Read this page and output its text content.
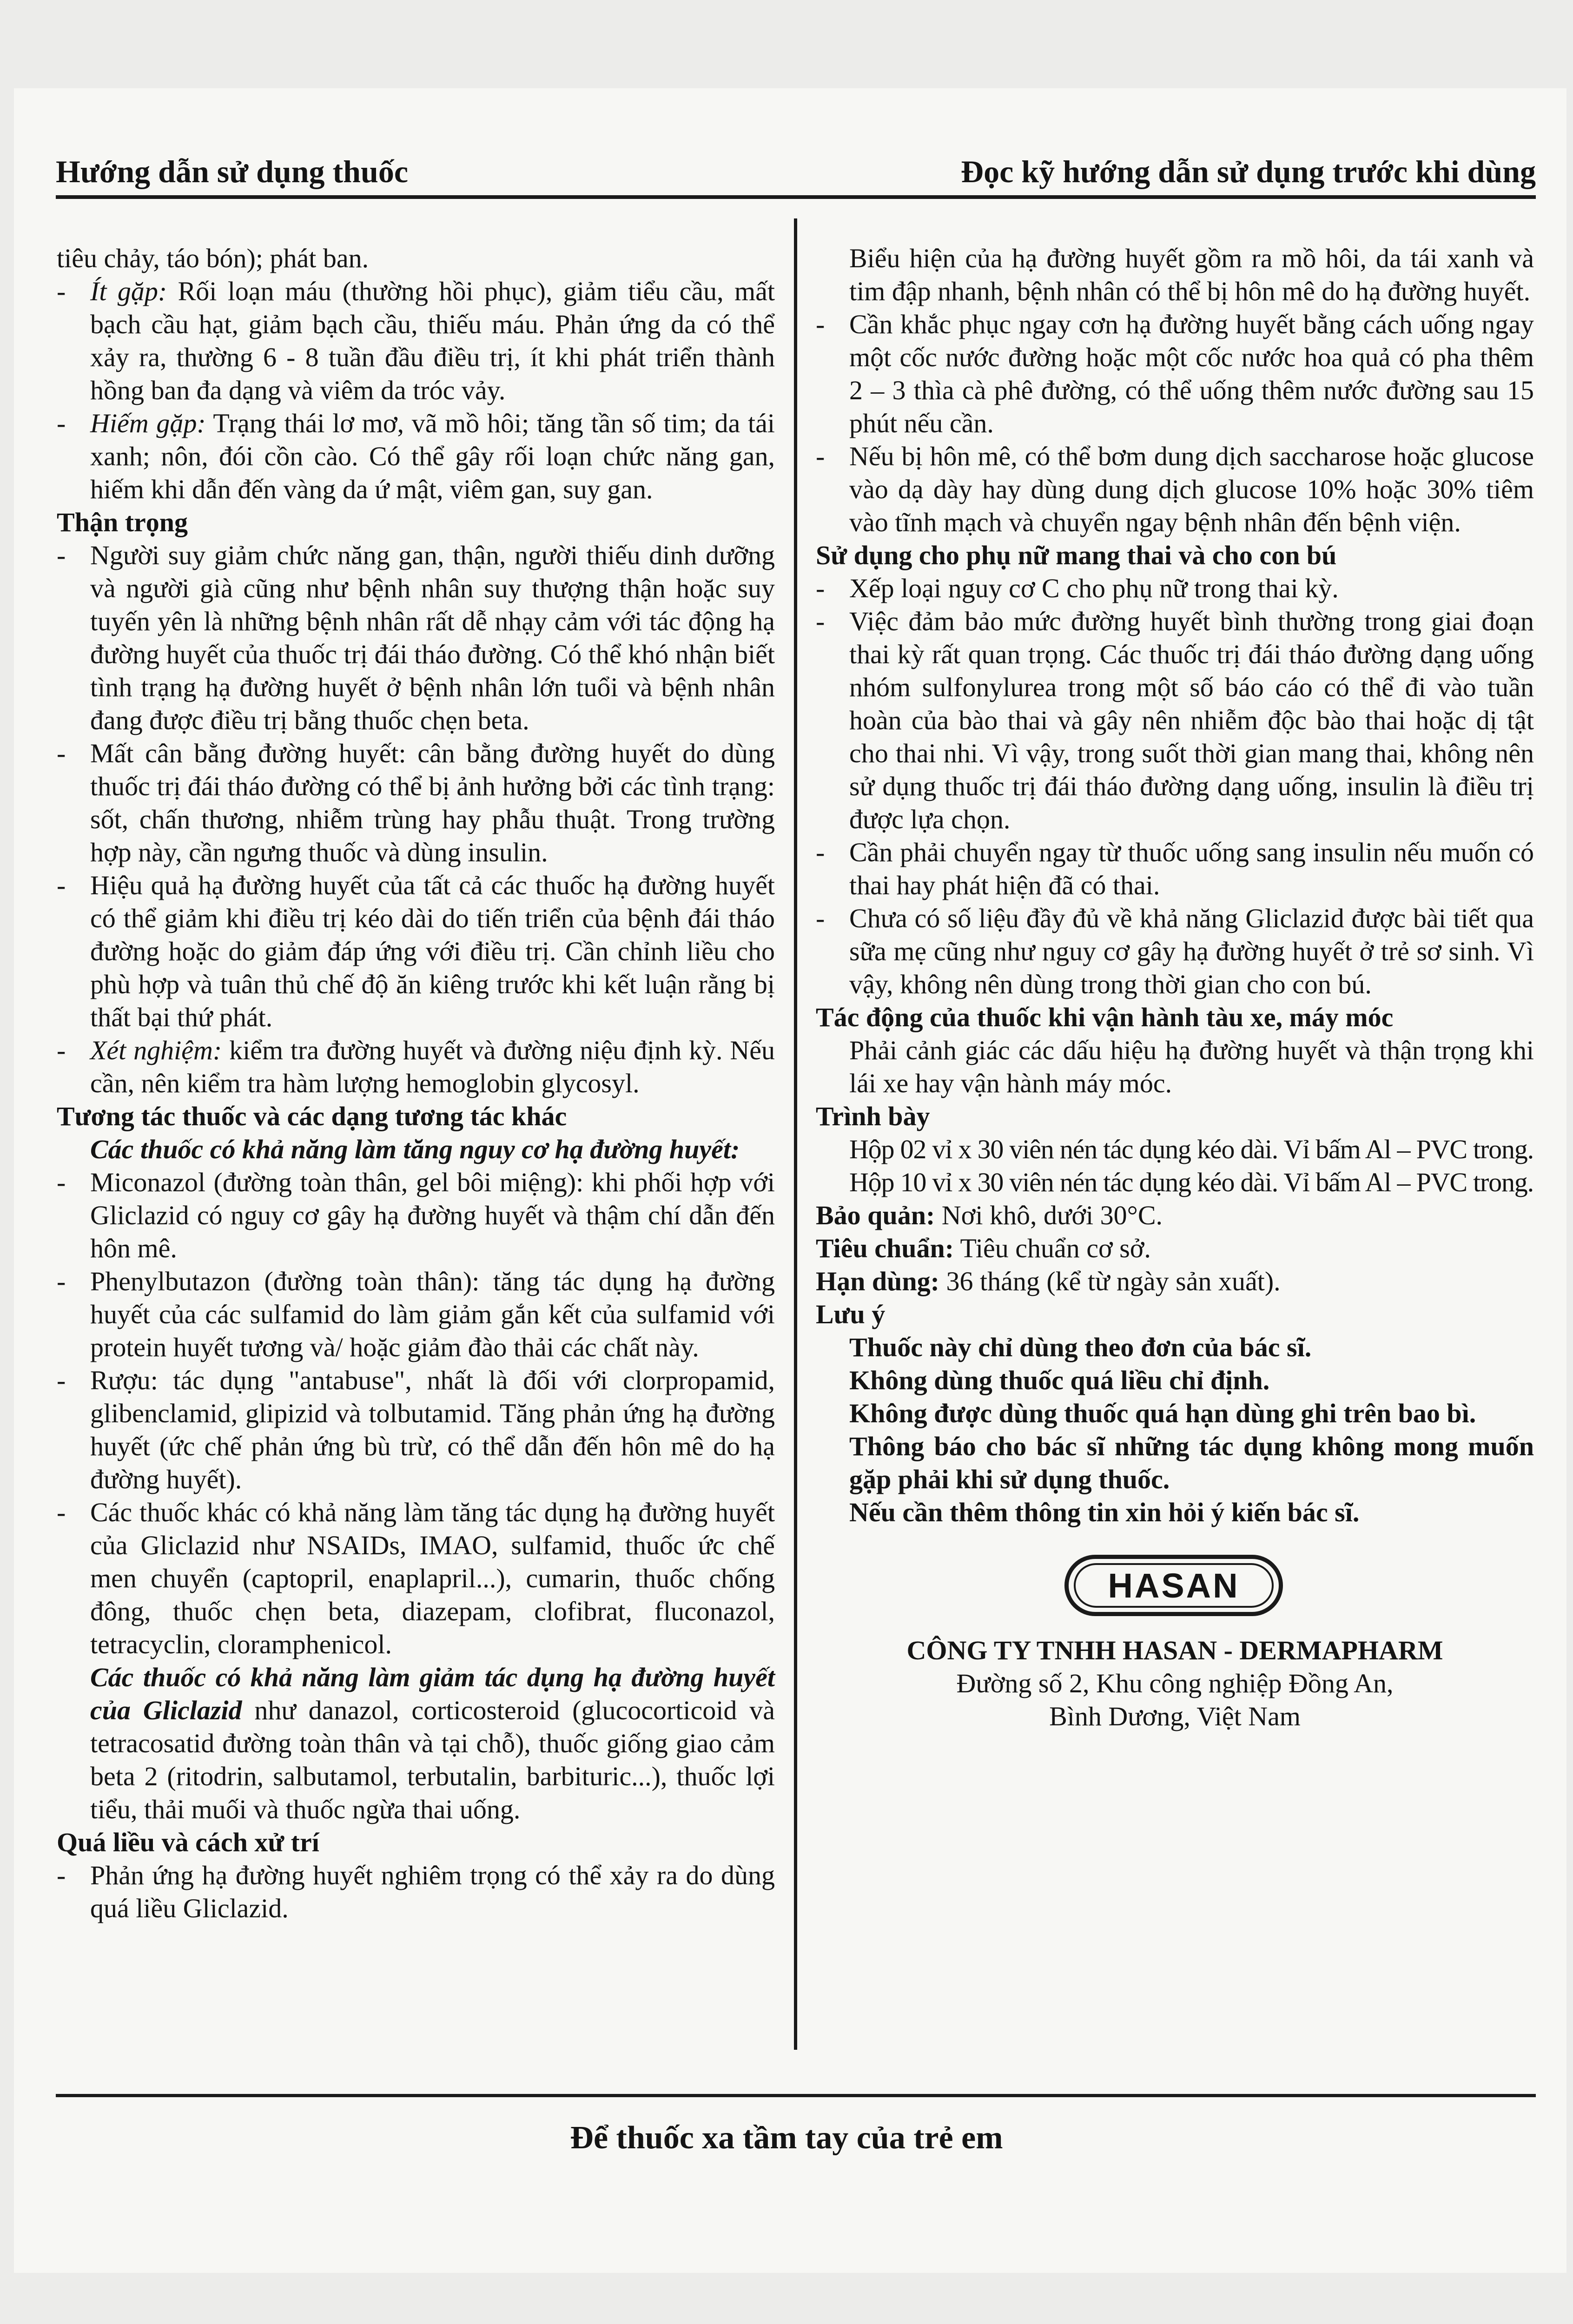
Hướng dẫn sử dụng thuốc	Đọc kỹ hướng dẫn sử dụng trước khi dùng

tiêu chảy, táo bón); phát ban.

- Ít gặp: Rối loạn máu (thường hồi phục), giảm tiểu cầu, mất bạch cầu hạt, giảm bạch cầu, thiếu máu. Phản ứng da có thể xảy ra, thường 6 - 8 tuần đầu điều trị, ít khi phát triển thành hồng ban đa dạng và viêm da tróc vảy.

- Hiếm gặp: Trạng thái lơ mơ, vã mồ hôi; tăng tần số tim; da tái xanh; nôn, đói cồn cào. Có thể gây rối loạn chức năng gan, hiếm khi dẫn đến vàng da ứ mật, viêm gan, suy gan.

Thận trọng

- Người suy giảm chức năng gan, thận, người thiếu dinh dưỡng và người già cũng như bệnh nhân suy thượng thận hoặc suy tuyến yên là những bệnh nhân rất dễ nhạy cảm với tác động hạ đường huyết của thuốc trị đái tháo đường. Có thể khó nhận biết tình trạng hạ đường huyết ở bệnh nhân lớn tuổi và bệnh nhân đang được điều trị bằng thuốc chẹn beta.

- Mất cân bằng đường huyết: cân bằng đường huyết do dùng thuốc trị đái tháo đường có thể bị ảnh hưởng bởi các tình trạng: sốt, chấn thương, nhiễm trùng hay phẫu thuật. Trong trường hợp này, cần ngưng thuốc và dùng insulin.

- Hiệu quả hạ đường huyết của tất cả các thuốc hạ đường huyết có thể giảm khi điều trị kéo dài do tiến triển của bệnh đái tháo đường hoặc do giảm đáp ứng với điều trị. Cần chỉnh liều cho phù hợp và tuân thủ chế độ ăn kiêng trước khi kết luận rằng bị thất bại thứ phát.

- Xét nghiệm: kiểm tra đường huyết và đường niệu định kỳ. Nếu cần, nên kiểm tra hàm lượng hemoglobin glycosyl.

Tương tác thuốc và các dạng tương tác khác

Các thuốc có khả năng làm tăng nguy cơ hạ đường huyết:

- Miconazol (đường toàn thân, gel bôi miệng): khi phối hợp với Gliclazid có nguy cơ gây hạ đường huyết và thậm chí dẫn đến hôn mê.

- Phenylbutazon (đường toàn thân): tăng tác dụng hạ đường huyết của các sulfamid do làm giảm gắn kết của sulfamid với protein huyết tương và/ hoặc giảm đào thải các chất này.

- Rượu: tác dụng "antabuse", nhất là đối với clorpropamid, glibenclamid, glipizid và tolbutamid. Tăng phản ứng hạ đường huyết (ức chế phản ứng bù trừ, có thể dẫn đến hôn mê do hạ đường huyết).

- Các thuốc khác có khả năng làm tăng tác dụng hạ đường huyết của Gliclazid như NSAIDs, IMAO, sulfamid, thuốc ức chế men chuyển (captopril, enaplapril...), cumarin, thuốc chống đông, thuốc chẹn beta, diazepam, clofibrat, fluconazol, tetracyclin, cloramphenicol.

Các thuốc có khả năng làm giảm tác dụng hạ đường huyết của Gliclazid như danazol, corticosteroid (glucocorticoid và tetracosatid đường toàn thân và tại chỗ), thuốc giống giao cảm beta 2 (ritodrin, salbutamol, terbutalin, barbituric...), thuốc lợi tiểu, thải muối và thuốc ngừa thai uống.

Quá liều và cách xử trí

- Phản ứng hạ đường huyết nghiêm trọng có thể xảy ra do dùng quá liều Gliclazid.

Biểu hiện của hạ đường huyết gồm ra mồ hôi, da tái xanh và tim đập nhanh, bệnh nhân có thể bị hôn mê do hạ đường huyết.

- Cần khắc phục ngay cơn hạ đường huyết bằng cách uống ngay một cốc nước đường hoặc một cốc nước hoa quả có pha thêm 2 – 3 thìa cà phê đường, có thể uống thêm nước đường sau 15 phút nếu cần.

- Nếu bị hôn mê, có thể bơm dung dịch saccharose hoặc glucose vào dạ dày hay dùng dung dịch glucose 10% hoặc 30% tiêm vào tĩnh mạch và chuyển ngay bệnh nhân đến bệnh viện.

Sử dụng cho phụ nữ mang thai và cho con bú

- Xếp loại nguy cơ C cho phụ nữ trong thai kỳ.

- Việc đảm bảo mức đường huyết bình thường trong giai đoạn thai kỳ rất quan trọng. Các thuốc trị đái tháo đường dạng uống nhóm sulfonylurea trong một số báo cáo có thể đi vào tuần hoàn của bào thai và gây nên nhiễm độc bào thai hoặc dị tật cho thai nhi. Vì vậy, trong suốt thời gian mang thai, không nên sử dụng thuốc trị đái tháo đường dạng uống, insulin là điều trị được lựa chọn.

- Cần phải chuyển ngay từ thuốc uống sang insulin nếu muốn có thai hay phát hiện đã có thai.

- Chưa có số liệu đầy đủ về khả năng Gliclazid được bài tiết qua sữa mẹ cũng như nguy cơ gây hạ đường huyết ở trẻ sơ sinh. Vì vậy, không nên dùng trong thời gian cho con bú.

Tác động của thuốc khi vận hành tàu xe, máy móc

Phải cảnh giác các dấu hiệu hạ đường huyết và thận trọng khi lái xe hay vận hành máy móc.

Trình bày

Hộp 02 vỉ x 30 viên nén tác dụng kéo dài. Vỉ bấm Al – PVC trong.

Hộp 10 vỉ x 30 viên nén tác dụng kéo dài. Vỉ bấm Al – PVC trong.

Bảo quản: Nơi khô, dưới 30°C.

Tiêu chuẩn: Tiêu chuẩn cơ sở.

Hạn dùng: 36 tháng (kể từ ngày sản xuất).

Lưu ý

Thuốc này chỉ dùng theo đơn của bác sĩ.

Không dùng thuốc quá liều chỉ định.

Không được dùng thuốc quá hạn dùng ghi trên bao bì.

Thông báo cho bác sĩ những tác dụng không mong muốn gặp phải khi sử dụng thuốc.

Nếu cần thêm thông tin xin hỏi ý kiến bác sĩ.

HASAN

CÔNG TY TNHH HASAN - DERMAPHARM

Đường số 2, Khu công nghiệp Đồng An,

Bình Dương, Việt Nam

Để thuốc xa tầm tay của trẻ em
